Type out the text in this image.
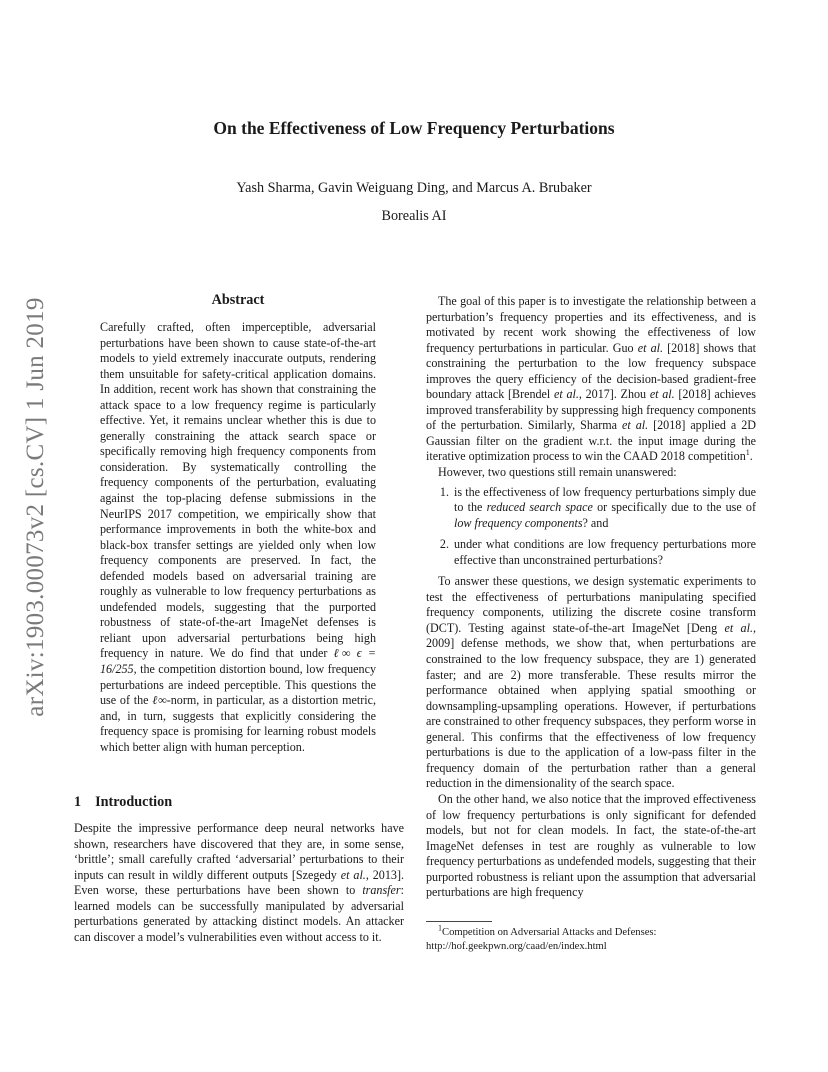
On the Effectiveness of Low Frequency Perturbations
Yash Sharma, Gavin Weiguang Ding, and Marcus A. Brubaker
Borealis AI
arXiv:1903.00073v2 [cs.CV] 1 Jun 2019	Abstract

Carefully crafted, often imperceptible, adversarial perturbations have been shown to cause state-of-the-art models to yield extremely inaccurate outputs, rendering them unsuitable for safety-critical application domains. In addition, recent work has shown that constraining the attack space to a low frequency regime is particularly effective. Yet, it remains unclear whether this is due to generally constraining the attack search space or specifically removing high frequency components from consideration. By systematically controlling the frequency components of the perturbation, evaluating against the top-placing defense submissions in the NeurIPS 2017 competition, we empirically show that performance improvements in both the white-box and black-box transfer settings are yielded only when low frequency components are preserved. In fact, the defended models based on adversarial training are roughly as vulnerable to low frequency perturbations as undefended models, suggesting that the purported robustness of state-of-the-art ImageNet defenses is reliant upon adversarial perturbations being high frequency in nature. We do find that under ℓ∞ ϵ = 16/255, the competition distortion bound, low frequency perturbations are indeed perceptible. This questions the use of the ℓ∞-norm, in particular, as a distortion metric, and, in turn, suggests that explicitly considering the frequency space is promising for learning robust models which better align with human perception.

1 Introduction

Despite the impressive performance deep neural networks have shown, researchers have discovered that they are, in some sense, ‘brittle’; small carefully crafted ‘adversarial’ perturbations to their inputs can result in wildly different outputs [Szegedy et al., 2013]. Even worse, these perturbations have been shown to transfer: learned models can be successfully manipulated by adversarial perturbations generated by attacking distinct models. An attacker can discover a model’s vulnerabilities even without access to it.

The goal of this paper is to investigate the relationship between a perturbation’s frequency properties and its effectiveness, and is motivated by recent work showing the effectiveness of low frequency perturbations in particular. Guo et al. [2018] shows that constraining the perturbation to the low frequency subspace improves the query efficiency of the decision-based gradient-free boundary attack [Brendel et al., 2017]. Zhou et al. [2018] achieves improved transferability by suppressing high frequency components of the perturbation. Similarly, Sharma et al. [2018] applied a 2D Gaussian filter on the gradient w.r.t. the input image during the iterative optimization process to win the CAAD 2018 competition$^1$.

However, two questions still remain unanswered:

1. is the effectiveness of low frequency perturbations simply due to the reduced search space or specifically due to the use of low frequency components? and
2. under what conditions are low frequency perturbations more effective than unconstrained perturbations?

To answer these questions, we design systematic experiments to test the effectiveness of perturbations manipulating specified frequency components, utilizing the discrete cosine transform (DCT). Testing against state-of-the-art ImageNet [Deng et al., 2009] defense methods, we show that, when perturbations are constrained to the low frequency subspace, they are 1) generated faster; and are 2) more transferable. These results mirror the performance obtained when applying spatial smoothing or downsampling-upsampling operations. However, if perturbations are constrained to other frequency subspaces, they perform worse in general. This confirms that the effectiveness of low frequency perturbations is due to the application of a low-pass filter in the frequency domain of the perturbation rather than a general reduction in the dimensionality of the search space.

On the other hand, we also notice that the improved effectiveness of low frequency perturbations is only significant for defended models, but not for clean models. In fact, the state-of-the-art ImageNet defenses in test are roughly as vulnerable to low frequency perturbations as undefended models, suggesting that their purported robustness is reliant upon the assumption that adversarial perturbations are high frequency

$^1$Competition on Adversarial Attacks and Defenses: http://hof.geekpwn.org/caad/en/index.html
